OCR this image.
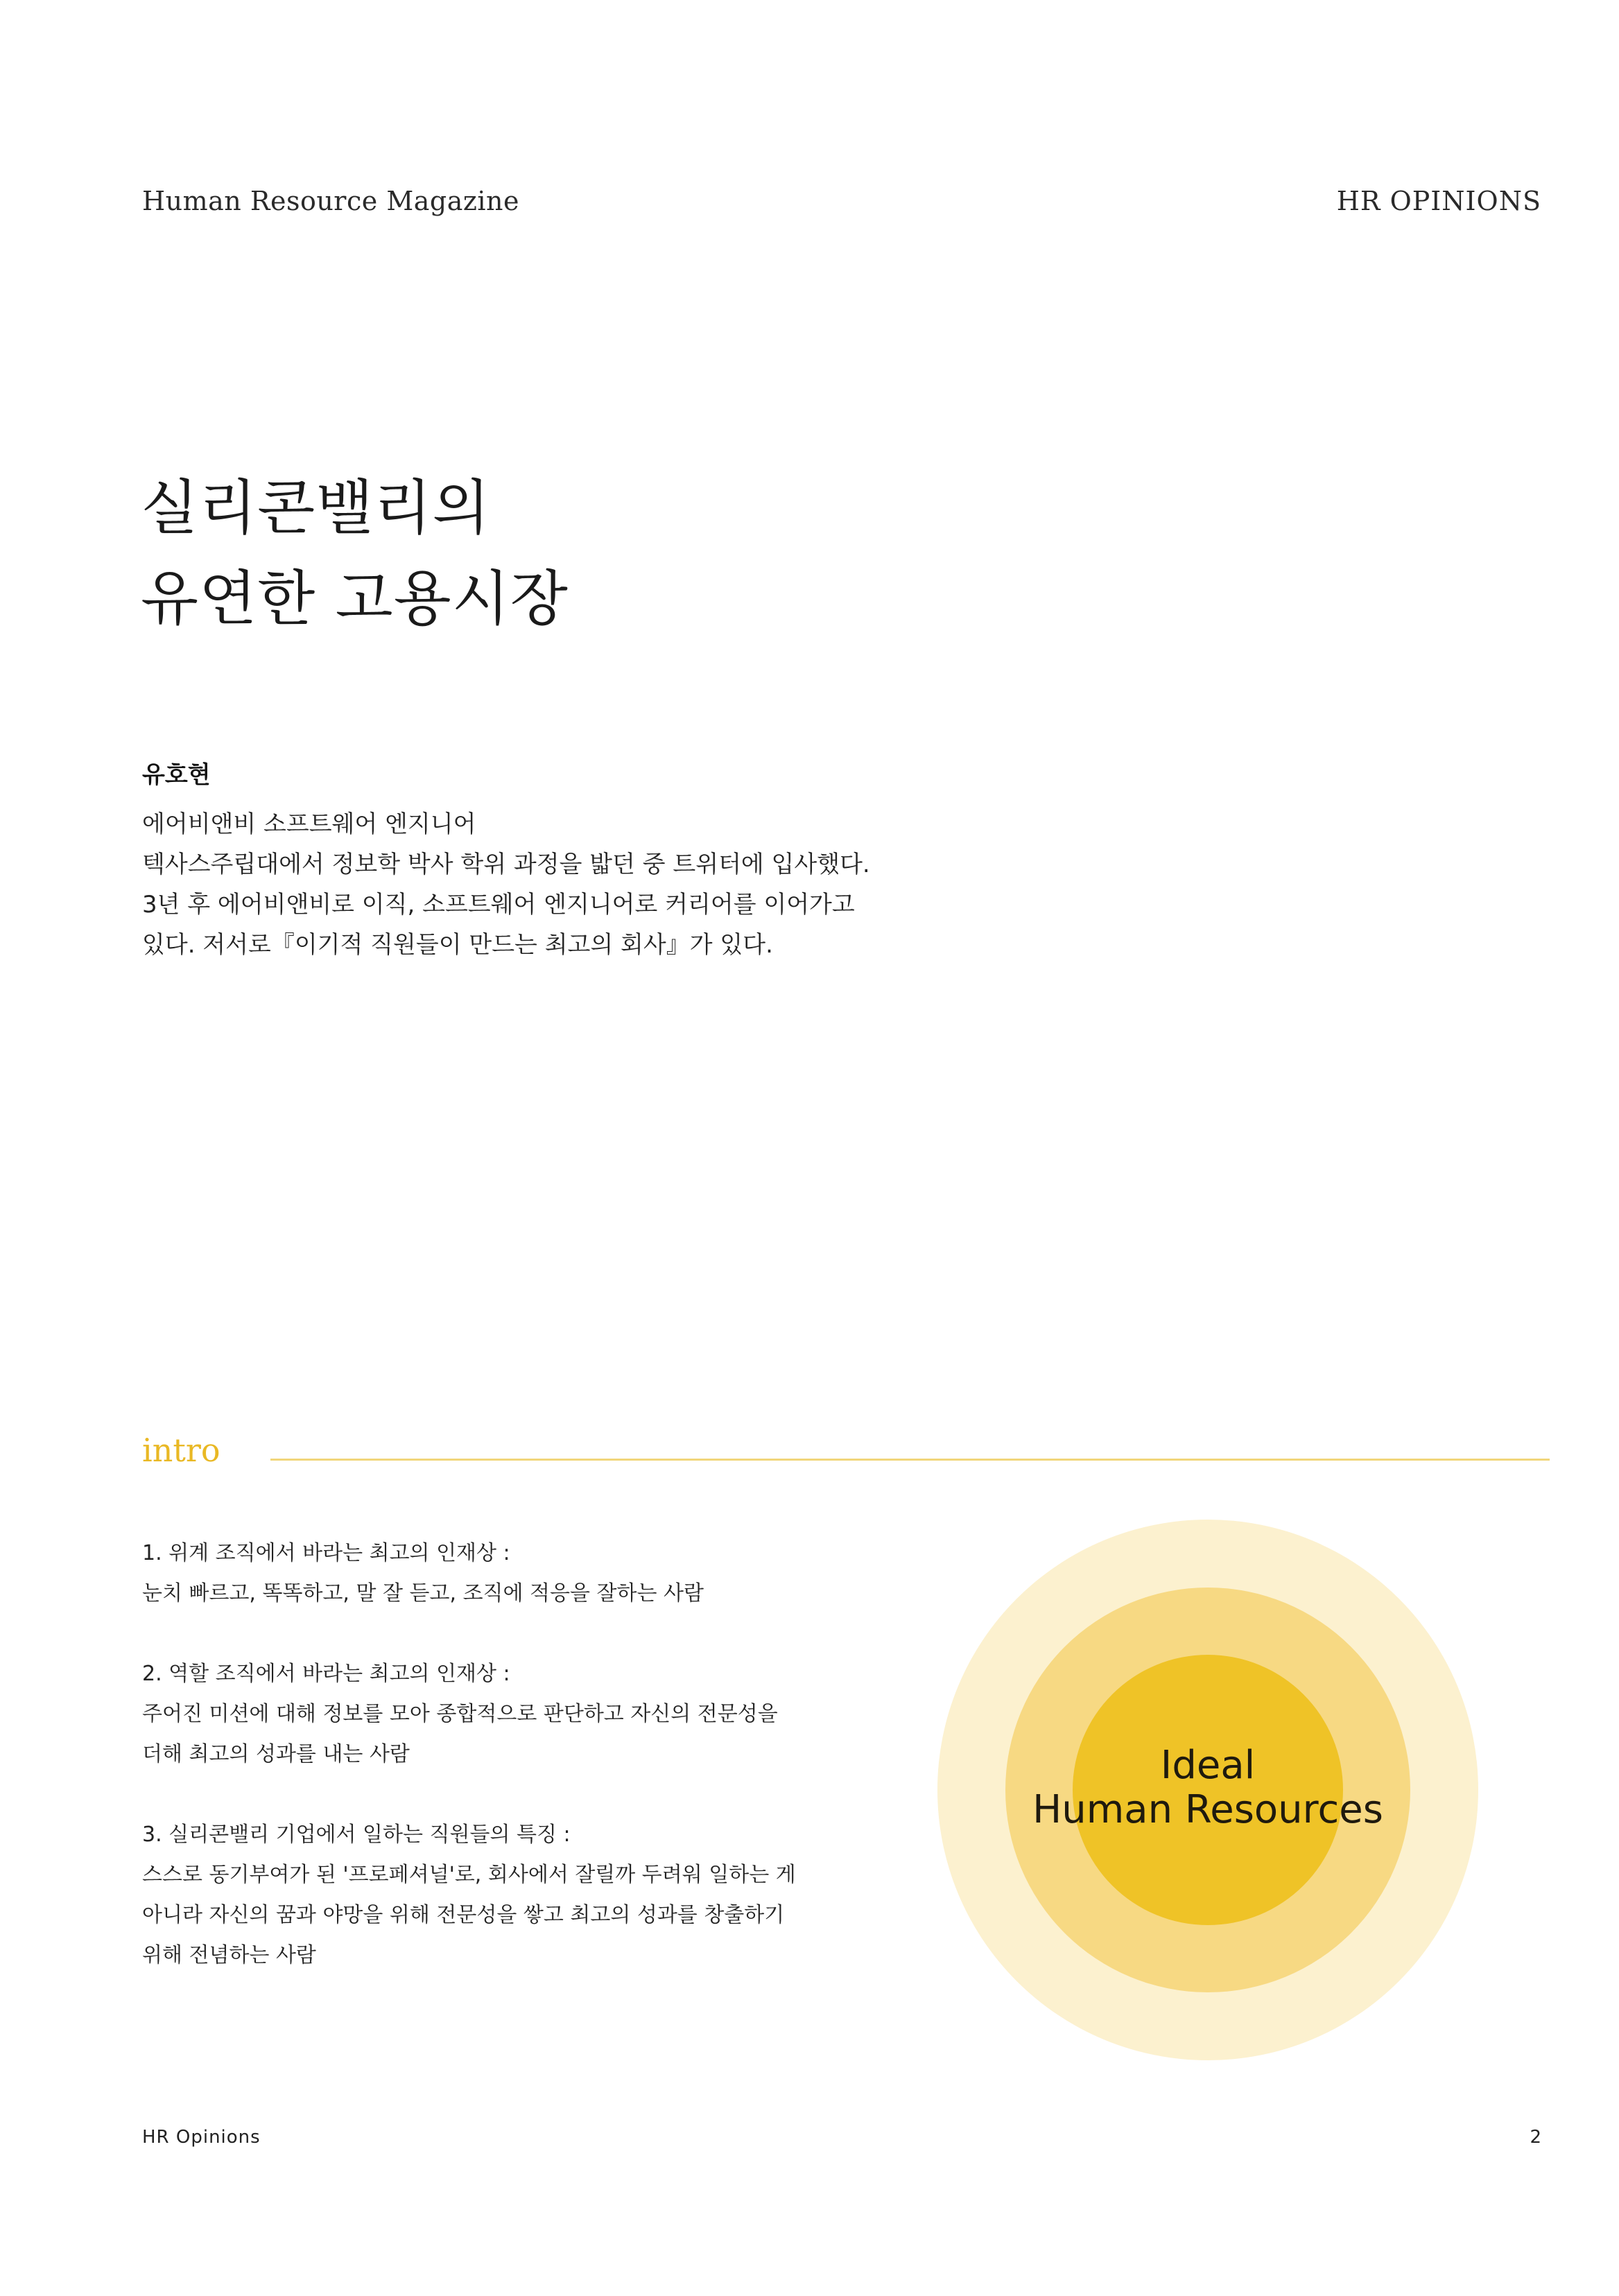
Human Resource Magazine	HR OPINIONS
실리콘밸리의
유연한 고용시장
유호현
에어비앤비 소프트웨어 엔지니어
텍사스주립대에서 정보학 박사 학위 과정을 밟던 중 트위터에 입사했다.
3년 후 에어비앤비로 이직, 소프트웨어 엔지니어로 커리어를 이어가고
있다. 저서로『이기적 직원들이 만드는 최고의 회사』가 있다.
intro
1. 위계 조직에서 바라는 최고의 인재상 :
눈치 빠르고, 똑똑하고, 말 잘 듣고, 조직에 적응을 잘하는 사람
2. 역할 조직에서 바라는 최고의 인재상 :
주어진 미션에 대해 정보를 모아 종합적으로 판단하고 자신의 전문성을
더해 최고의 성과를 내는 사람
3. 실리콘밸리 기업에서 일하는 직원들의 특징 :
스스로 동기부여가 된 '프로페셔널'로, 회사에서 잘릴까 두려워 일하는 게
아니라 자신의 꿈과 야망을 위해 전문성을 쌓고 최고의 성과를 창출하기
위해 전념하는 사람
Ideal
Human Resources
HR Opinions	2
